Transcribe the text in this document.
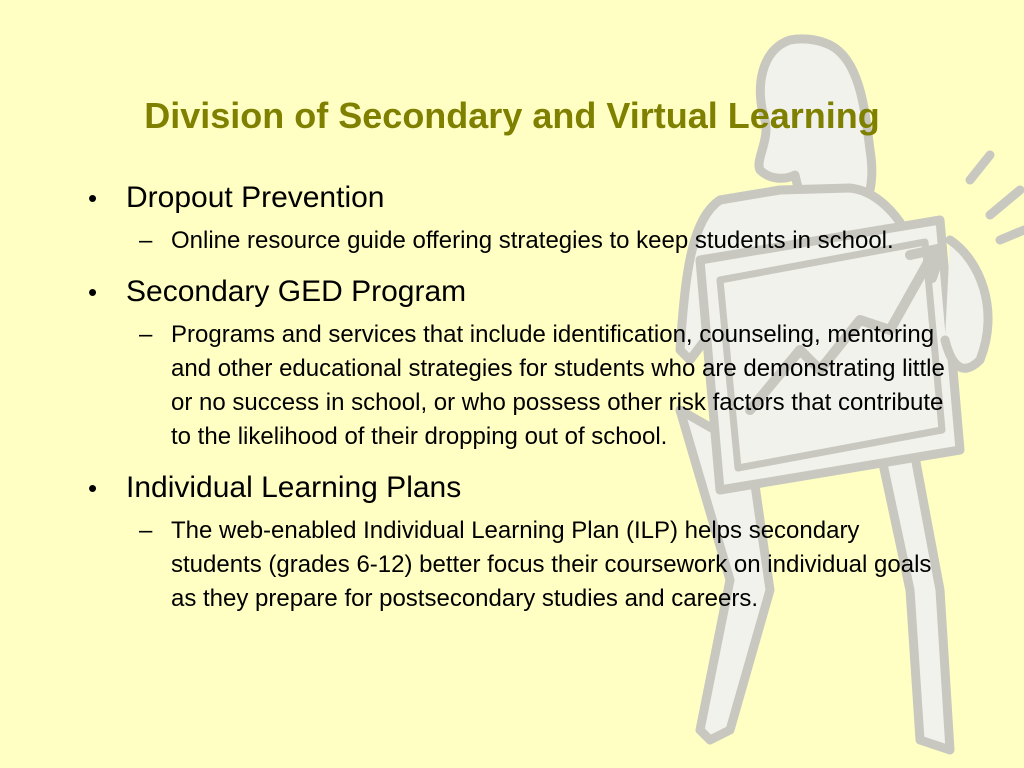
Division of Secondary and Virtual Learning
• Dropout Prevention
– Online resource guide offering strategies to keep students in school.
• Secondary GED Program
– Programs and services that include identification, counseling, mentoring and other educational strategies for students who are demonstrating little or no success in school, or who possess other risk factors that contribute to the likelihood of their dropping out of school.
• Individual Learning Plans
– The web-enabled Individual Learning Plan (ILP) helps secondary students (grades 6-12) better focus their coursework on individual goals as they prepare for postsecondary studies and careers.
